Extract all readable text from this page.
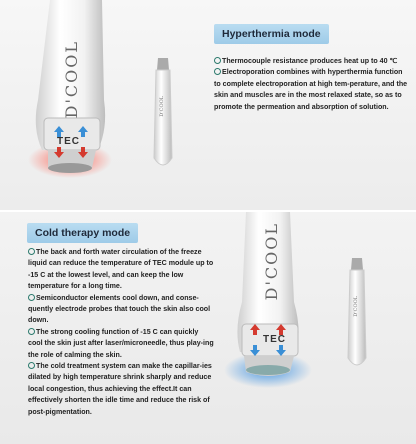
D'COOL
TEC
D'COOL
Hyperthermia mode

Thermocouple resistance produces heat up to 40 ℃

Electroporation combines with hyperthermia function to complete electroporation at high tem-perature, and the skin and muscles are in the most relaxed state, so as to promote the permeation and absorption of solution.

D'COOL
TEC
D'COOL
Cold therapy mode

The back and forth water circulation of the freeze liquid can reduce the temperature of TEC module up to -15 C at the lowest level, and can keep the low temperature for a long time.

Semiconductor elements cool down, and conse-quently electrode probes that touch the skin also cool down.

The strong cooling function of -15 C can quickly cool the skin just after laser/microneedle, thus play-ing the role of calming the skin.

The cold treatment system can make the capillar-ies dilated by high temperature shrink sharply and reduce local congestion, thus achieving the effect.It can effectively shorten the idle time and reduce the risk of post-pigmentation.
